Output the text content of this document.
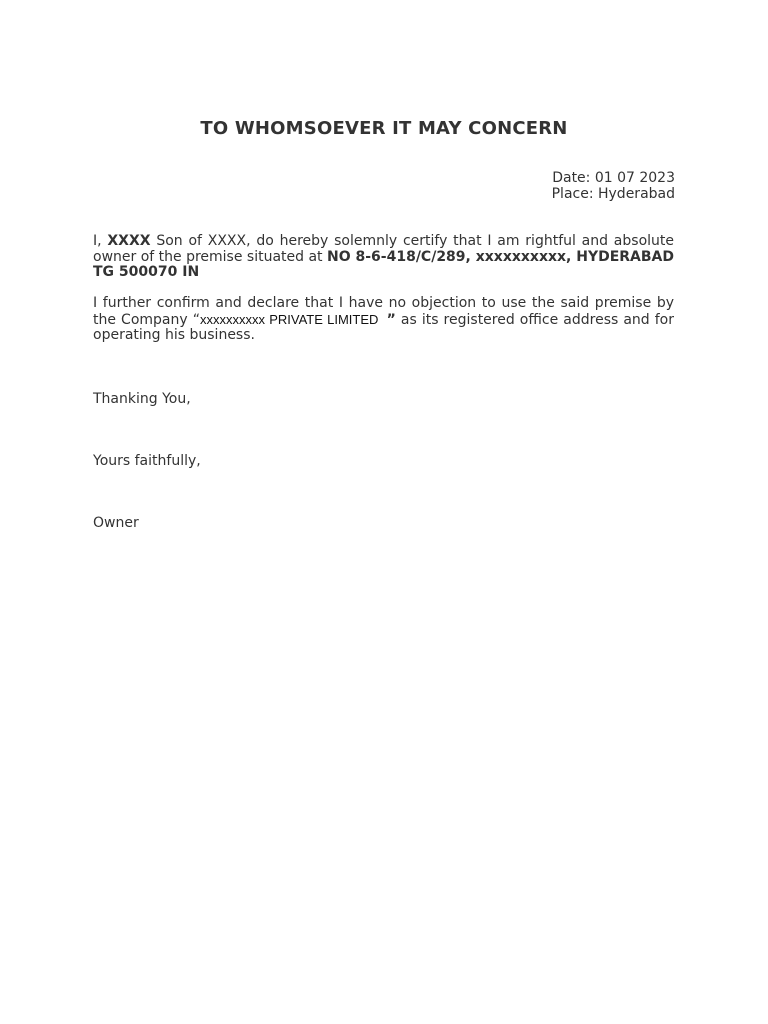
TO WHOMSOEVER IT MAY CONCERN
Date: 01 07 2023
Place: Hyderabad
I, XXXX Son of XXXX, do hereby solemnly certify that I am rightful and absolute owner of the premise situated at NO 8-6-418/C/289, xxxxxxxxxx, HYDERABAD TG 500070 IN
I further confirm and declare that I have no objection to use the said premise by the Company “xxxxxxxxxx PRIVATE LIMITED ” as its registered office address and for operating his business.
Thanking You,
Yours faithfully,
Owner
